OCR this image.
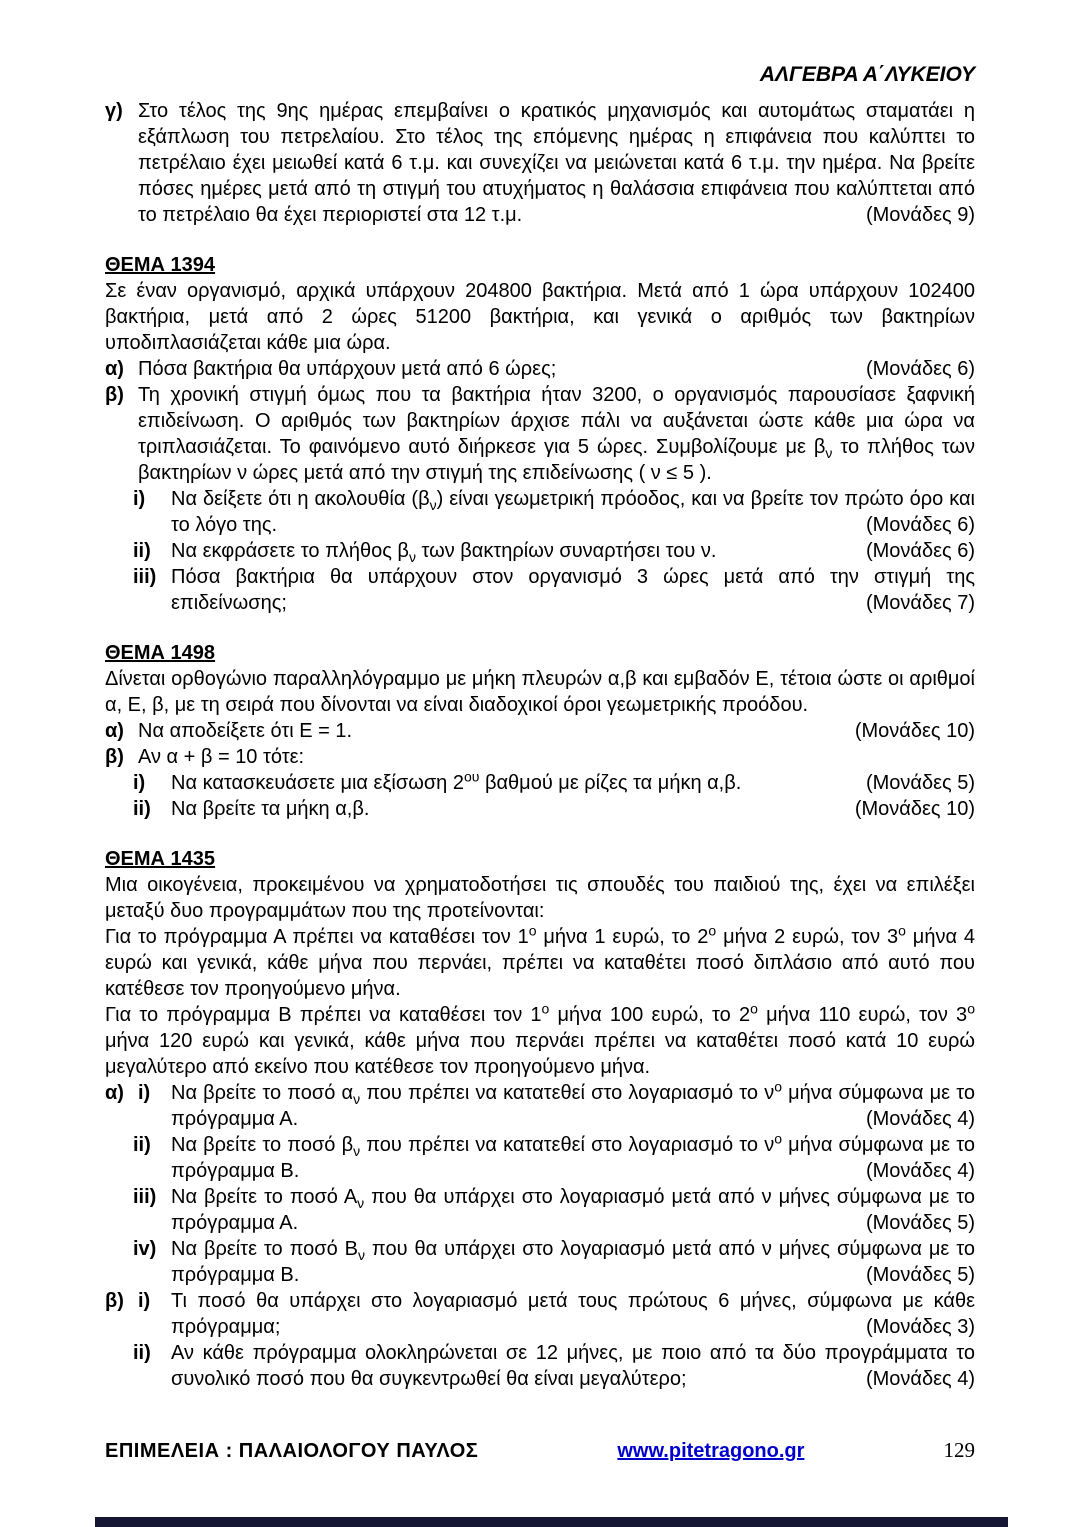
ΑΛΓΕΒΡΑ Α΄ΛΥΚΕΙΟΥ
γ) Στο τέλος της 9ης ημέρας επεμβαίνει ο κρατικός μηχανισμός και αυτομάτως σταματάει η εξάπλωση του πετρελαίου. Στο τέλος της επόμενης ημέρας η επιφάνεια που καλύπτει το πετρέλαιο έχει μειωθεί κατά 6 τ.μ. και συνεχίζει να μειώνεται κατά 6 τ.μ. την ημέρα. Να βρείτε πόσες ημέρες μετά από τη στιγμή του ατυχήματος η θαλάσσια επιφάνεια που καλύπτεται από το πετρέλαιο θα έχει περιοριστεί στα 12 τ.μ.	(Μονάδες 9)
ΘΕΜΑ 1394

Σε έναν οργανισμό, αρχικά υπάρχουν 204800 βακτήρια. Μετά από 1 ώρα υπάρχουν 102400 βακτήρια, μετά από 2 ώρες 51200 βακτήρια, και γενικά ο αριθμός των βακτηρίων υποδιπλασιάζεται κάθε μια ώρα.

α) Πόσα βακτήρια θα υπάρχουν μετά από 6 ώρες;	(Μονάδες 6)
β) Τη χρονική στιγμή όμως που τα βακτήρια ήταν 3200, ο οργανισμός παρουσίασε ξαφνική επιδείνωση. Ο αριθμός των βακτηρίων άρχισε πάλι να αυξάνεται ώστε κάθε μια ώρα να τριπλασιάζεται. Το φαινόμενο αυτό διήρκεσε για 5 ώρες. Συμβολίζουμε με $\beta_\nu$ το πλήθος των βακτηρίων ν ώρες μετά από την στιγμή της επιδείνωσης ( ν ≤ 5 ).
i) Να δείξετε ότι η ακολουθία $(\beta_\nu)$ είναι γεωμετρική πρόοδος, και να βρείτε τον πρώτο όρο και το λόγο της.	(Μονάδες 6)
ii) Να εκφράσετε το πλήθος $\beta_\nu$ των βακτηρίων συναρτήσει του ν.	(Μονάδες 6)
iii) Πόσα βακτήρια θα υπάρχουν στον οργανισμό 3 ώρες μετά από την στιγμή της επιδείνωσης;	(Μονάδες 7)
ΘΕΜΑ 1498

Δίνεται ορθογώνιο παραλληλόγραμμο με μήκη πλευρών α,β και εμβαδόν Ε, τέτοια ώστε οι αριθμοί α, Ε, β, με τη σειρά που δίνονται να είναι διαδοχικοί όροι γεωμετρικής προόδου.

α) Να αποδείξετε ότι Ε = 1.	(Μονάδες 10)
β) Αν α + β = 10 τότε:
i) Να κατασκευάσετε μια εξίσωση $2^{o\upsilon}$ βαθμού με ρίζες τα μήκη α,β.	(Μονάδες 5)
ii) Να βρείτε τα μήκη α,β.	(Μονάδες 10)
ΘΕΜΑ 1435

Μια οικογένεια, προκειμένου να χρηματοδοτήσει τις σπουδές του παιδιού της, έχει να επιλέξει μεταξύ δυο προγραμμάτων που της προτείνονται:

Για το πρόγραμμα Α πρέπει να καταθέσει τον $1^o$ μήνα 1 ευρώ, το $2^o$ μήνα 2 ευρώ, τον $3^o$ μήνα 4 ευρώ και γενικά, κάθε μήνα που περνάει, πρέπει να καταθέτει ποσό διπλάσιο από αυτό που κατέθεσε τον προηγούμενο μήνα.

Για το πρόγραμμα Β πρέπει να καταθέσει τον $1^o$ μήνα 100 ευρώ, το $2^o$ μήνα 110 ευρώ, τον $3^o$ μήνα 120 ευρώ και γενικά, κάθε μήνα που περνάει πρέπει να καταθέτει ποσό κατά 10 ευρώ μεγαλύτερο από εκείνο που κατέθεσε τον προηγούμενο μήνα.

α) i) Να βρείτε το ποσό $\alpha_\nu$ που πρέπει να κατατεθεί στο λογαριασμό το $\nu^o$ μήνα σύμφωνα με το πρόγραμμα Α.	(Μονάδες 4)
ii) Να βρείτε το ποσό $\beta_\nu$ που πρέπει να κατατεθεί στο λογαριασμό το $\nu^o$ μήνα σύμφωνα με το πρόγραμμα Β.	(Μονάδες 4)
iii) Να βρείτε το ποσό $A_\nu$ που θα υπάρχει στο λογαριασμό μετά από ν μήνες σύμφωνα με το πρόγραμμα Α.	(Μονάδες 5)
iv) Να βρείτε το ποσό $B_\nu$ που θα υπάρχει στο λογαριασμό μετά από ν μήνες σύμφωνα με το πρόγραμμα Β.	(Μονάδες 5)
β) i) Τι ποσό θα υπάρχει στο λογαριασμό μετά τους πρώτους 6 μήνες, σύμφωνα με κάθε πρόγραμμα;	(Μονάδες 3)
ii) Αν κάθε πρόγραμμα ολοκληρώνεται σε 12 μήνες, με ποιο από τα δύο προγράμματα το συνολικό ποσό που θα συγκεντρωθεί θα είναι μεγαλύτερο;	(Μονάδες 4)
ΕΠΙΜΕΛΕΙΑ : ΠΑΛΑΙΟΛΟΓΟΥ ΠΑΥΛΟΣ	www.pitetragono.gr	129
